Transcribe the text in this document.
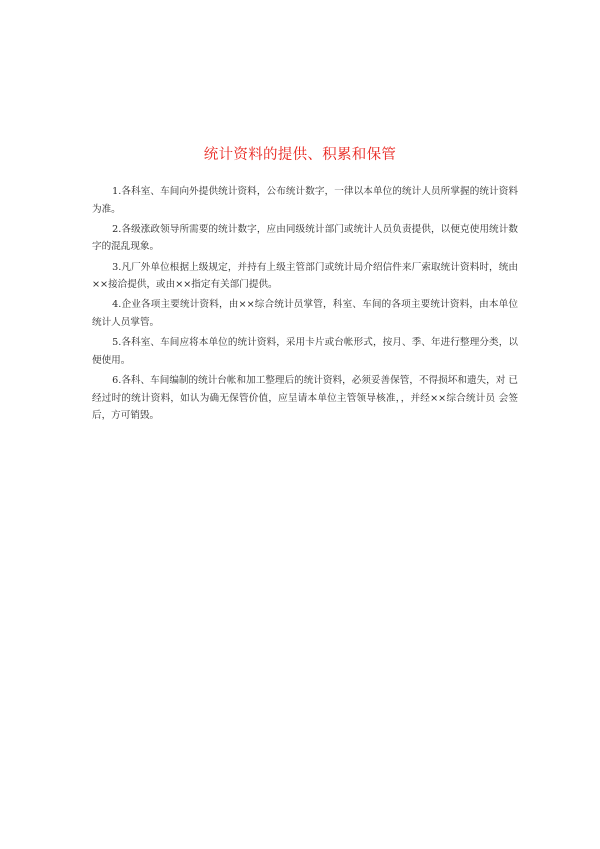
统计资料的提供、积累和保管

1.各科室、车间向外提供统计资料，公布统计数字，一律以本单位的统计人员所掌握的统计资料为准。

2.各级涨政领导所需要的统计数字，应由同级统计部门或统计人员负责提供，以便克使用统计数字的混乱现象。

3.凡厂外单位根据上级规定，并持有上级主管部门或统计局介绍信件来厂索取统计资料时，统由××接洽提供，或由××指定有关部门提供。

4.企业各项主要统计资料，由××综合统计员掌管，科室、车间的各项主要统计资料，由本单位统计人员掌管。

5.各科室、车间应将本单位的统计资料，采用卡片或台帐形式，按月、季、年进行整理分类，以便使用。

6.各科、车间编制的统计台帐和加工整理后的统计资料，必须妥善保管，不得损坏和遗失，对 已经过时的统计资料，如认为确无保管价值，应呈请本单位主管领导核准，，并经××综合统计员 会签后，方可销毁。
